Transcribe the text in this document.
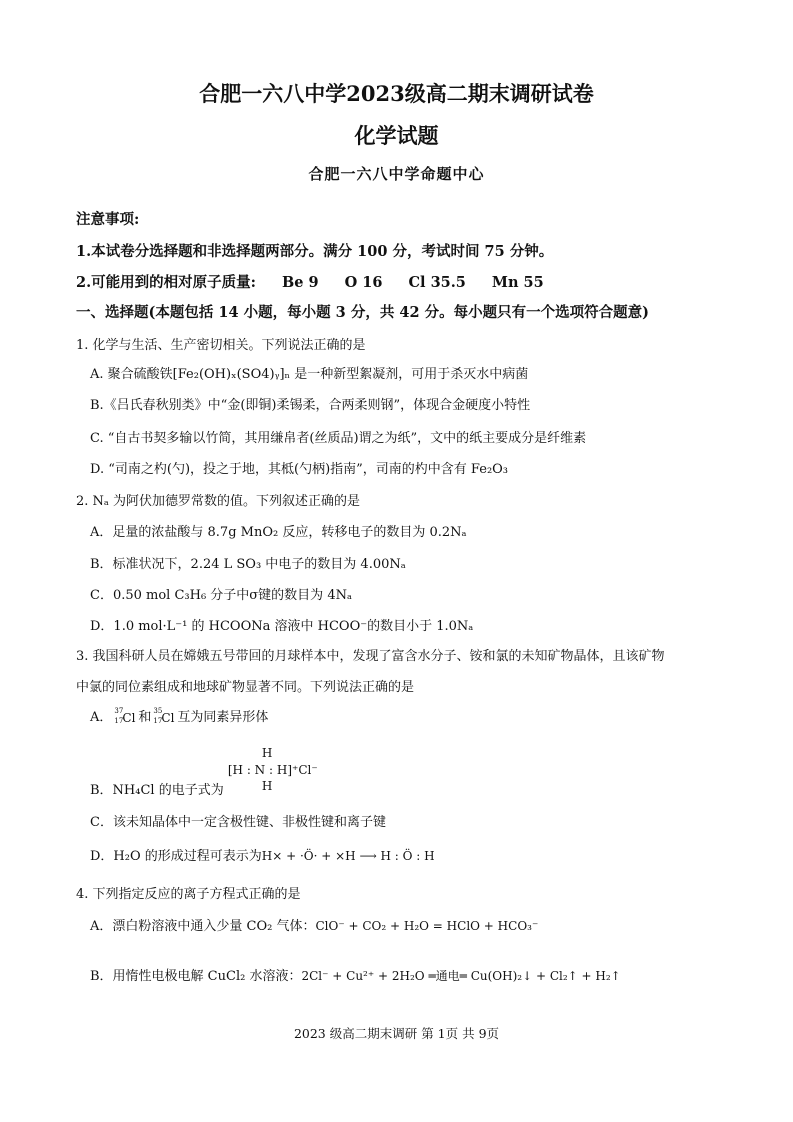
合肥一六八中学2023级高二期末调研试卷
化学试题
合肥一六八中学命题中心
注意事项:
1.本试卷分选择题和非选择题两部分。满分 100 分，考试时间 75 分钟。
2.可能用到的相对原子质量: Be 9 O 16 Cl 35.5 Mn 55
一、选择题(本题包括 14 小题，每小题 3 分，共 42 分。每小题只有一个选项符合题意)
1. 化学与生活、生产密切相关。下列说法正确的是
A. 聚合硫酸铁[Fe₂(OH)ₓ(SO4)ᵧ]ₙ 是一种新型絮凝剂，可用于杀灭水中病菌
B.《吕氏春秋别类》中“金(即铜)柔锡柔，合两柔则钢”，体现合金硬度小特性
C. “自古书契多输以竹简，其用缣帛者(丝质品)谓之为纸”，文中的纸主要成分是纤维素
D. “司南之杓(勺)，投之于地，其柢(勺柄)指南”，司南的杓中含有 Fe₂O₃
2. Nₐ 为阿伏加德罗常数的值。下列叙述正确的是
A．足量的浓盐酸与 8.7g MnO₂ 反应，转移电子的数目为 0.2Nₐ
B．标准状况下，2.24 L SO₃ 中电子的数目为 4.00Nₐ
C．0.50 mol C₃H₆ 分子中σ键的数目为 4Nₐ
D．1.0 mol·L⁻¹ 的 HCOONa 溶液中 HCOO⁻的数目小于 1.0Nₐ
3. 我国科研人员在嫦娥五号带回的月球样本中，发现了富含水分子、铵和氯的未知矿物晶体，且该矿物
中氯的同位素组成和地球矿物显著不同。下列说法正确的是
A． 37
17 Cl 和 35
17 Cl 互为同素异形体
B．NH₄Cl 的电子式为
H
[H : N : H]⁺Cl⁻
H
C．该未知晶体中一定含极性键、非极性键和离子键
D．H₂O 的形成过程可表示为H× + ·Ö· + ×H ⟶ H : Ö : H
4. 下列指定反应的离子方程式正确的是
A．漂白粉溶液中通入少量 CO₂ 气体：ClO⁻ + CO₂ + H₂O = HClO + HCO₃⁻
B．用惰性电极电解 CuCl₂ 水溶液：2Cl⁻ + Cu²⁺ + 2H₂O ═通电═ Cu(OH)₂↓ + Cl₂↑ + H₂↑
2023 级高二期末调研 第 1页 共 9页
